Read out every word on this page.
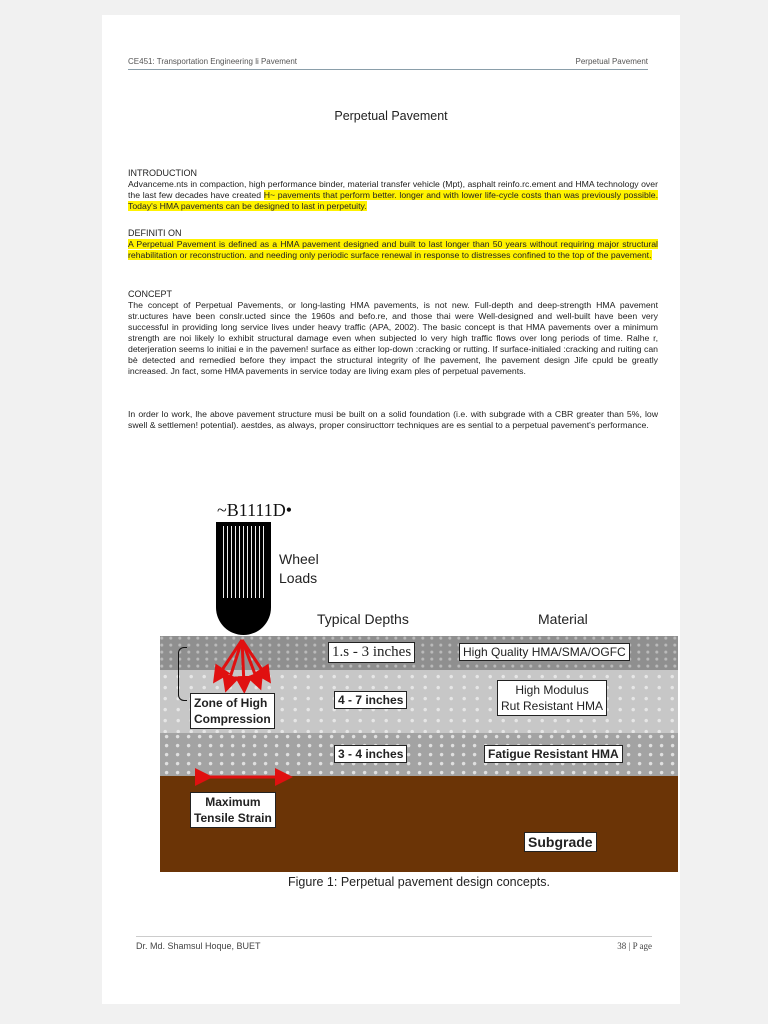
CE451: Transportation Engineering li Pavement	Perpetual Pavement
Perpetual Pavement

INTRODUCTION

Advanceme.nts in compaction, high performance binder, material transfer vehicle (Mpt), asphalt reinfo.rc.ement and HMA technology over the last few decades have created H~ pavements that perform better. longer and with lower life-cycle costs than was previously possible. Today's HMA pavements can be designed to last in perpetuity.

DEFINITI ON

A Perpetual Pavement is defined as a HMA pavement designed and built to last longer than 50 years without requiring major structural rehabilitation or reconstruction. and needing only periodic surface renewal in response to distresses confined to the top of the pavement.

CONCEPT

The concept of Perpetual Pavements, or long-lasting HMA pavements, is not new. Full-depth and deep-strength HMA pavement str.uctures have been conslr.ucted since the 1960s and befo.re, and those thai were Well-designed and well-built have been very successful in providing long service lives under heavy traffic (APA, 2002). The basic concept is that HMA pavements over a minimum strength are noi likely lo exhibit structural damage even when subjected lo very high traffic flows over long periods of time. Ralhe r, deterjeration seems lo initiai e in the pavemen! surface as either lop-down :cracking or rutting. If surface-initialed :cracking and ruiting can bè detected and remedied before they impact the structural integrity of lhe pavement, lhe pavement design Jife cpuld be greatly increased. Jn fact, some HMA pavements in service today are living exam ples of perpetual pavements.

In order lo work, lhe above pavement structure musi be built on a solid foundation (i.e. with subgrade with a CBR greater than 5%, low swell & settlemen! potential). aestdes, as always, proper consiructtorr techniques are es sential to a perpetual pavement's performance.

~B1111D•
Wheel
Loads
Typical Depths	Material
1.s - 3 inches	High Quality HMA/SMA/OGFC
Zone of High
Compression
4 - 7 inches
High Modulus
Rut Resistant HMA
3 - 4 inches	Fatigue Resistant HMA
Maximum
Tensile Strain
Subgrade
Figure 1: Perpetual pavement design concepts.
Dr. Md. Shamsul Hoque, BUET	38 | P age
